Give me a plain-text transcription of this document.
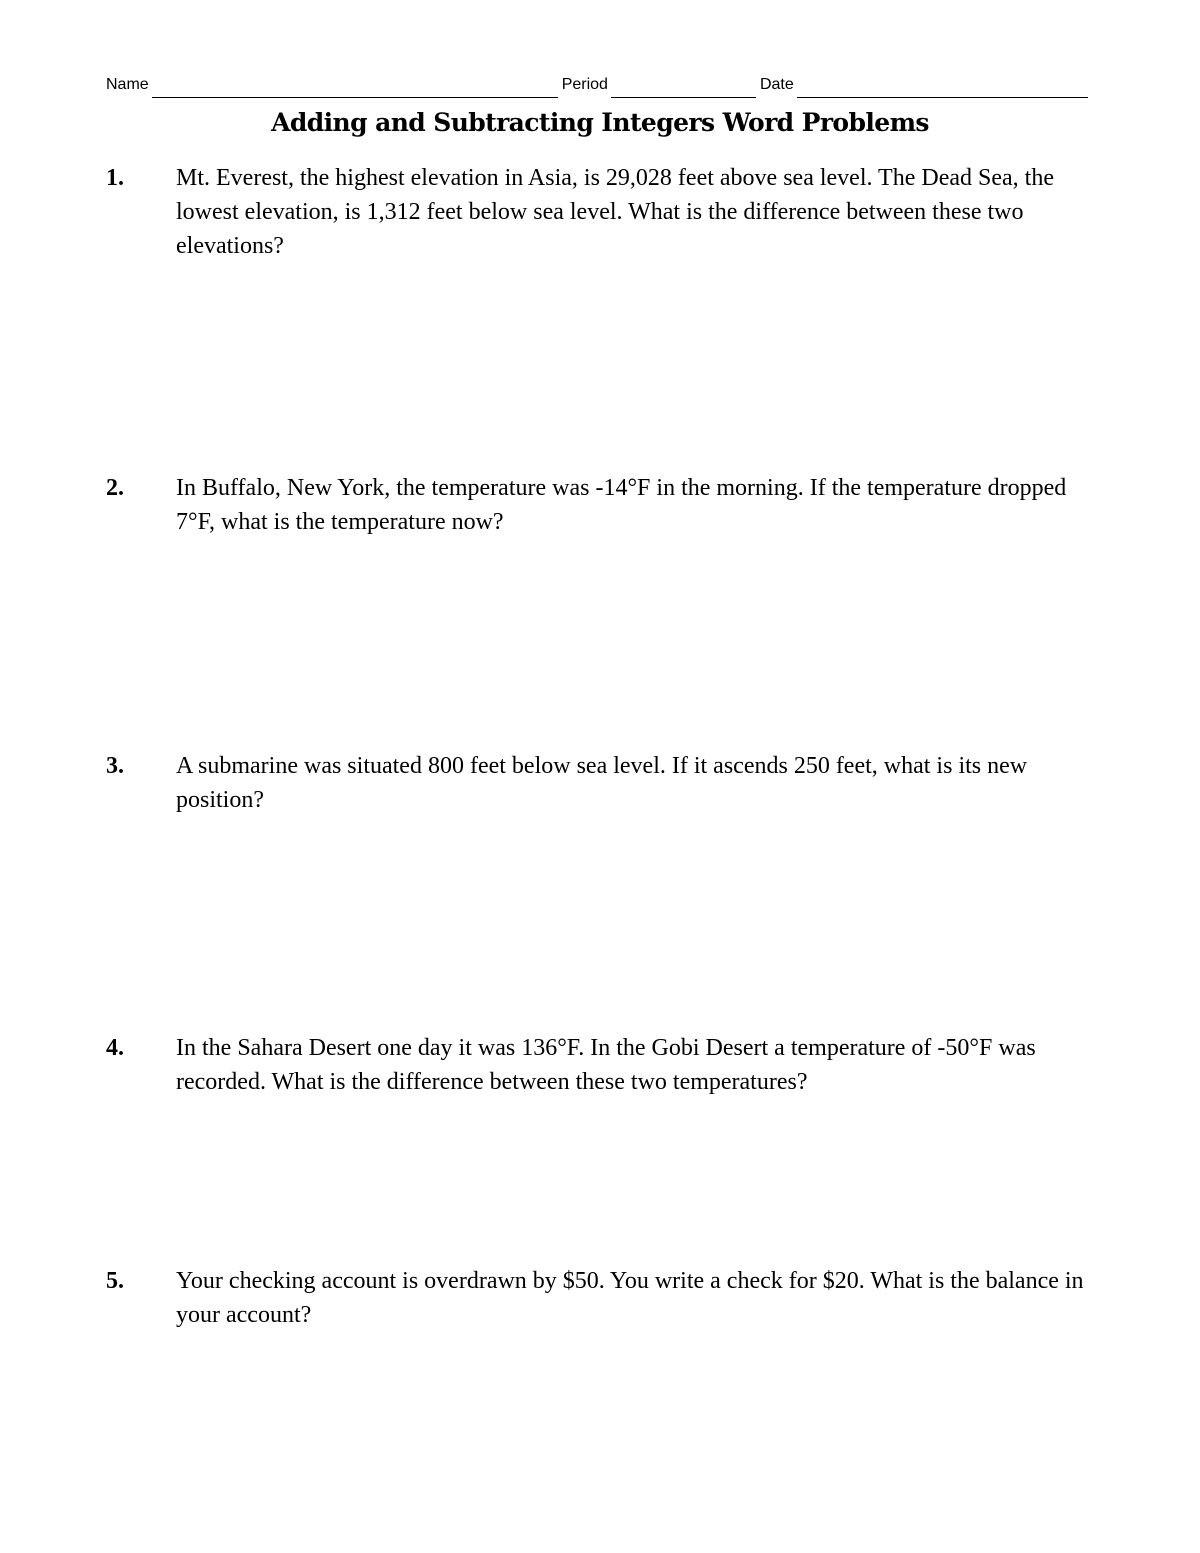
Name	Period	Date
Adding and Subtracting Integers Word Problems
1.	Mt. Everest, the highest elevation in Asia, is 29,028 feet above sea level. The Dead Sea, the lowest elevation, is 1,312 feet below sea level. What is the difference between these two elevations?

2.	In Buffalo, New York, the temperature was -14°F in the morning. If the temperature dropped 7°F, what is the temperature now?

3.	A submarine was situated 800 feet below sea level. If it ascends 250 feet, what is its new position?

4.	In the Sahara Desert one day it was 136°F. In the Gobi Desert a temperature of -50°F was recorded. What is the difference between these two temperatures?

5.	Your checking account is overdrawn by $50. You write a check for $20. What is the balance in your account?
